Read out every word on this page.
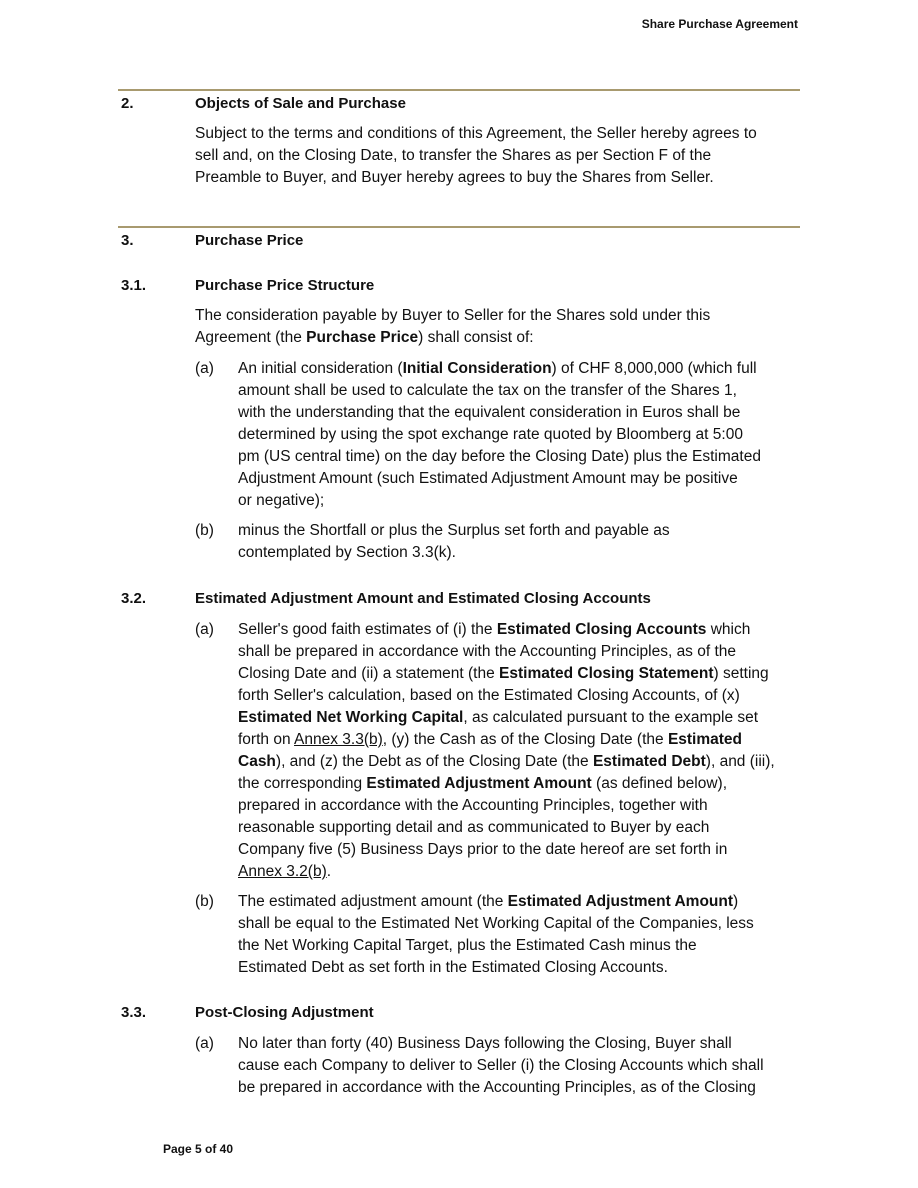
Share Purchase Agreement
2.	Objects of Sale and Purchase
Subject to the terms and conditions of this Agreement, the Seller hereby agrees to
sell and, on the Closing Date, to transfer the Shares as per Section F of the
Preamble to Buyer, and Buyer hereby agrees to buy the Shares from Seller.
3.	Purchase Price
3.1.	Purchase Price Structure
The consideration payable by Buyer to Seller for the Shares sold under this
Agreement (the Purchase Price) shall consist of:
(a) An initial consideration (Initial Consideration) of CHF 8,000,000 (which full
amount shall be used to calculate the tax on the transfer of the Shares 1,
with the understanding that the equivalent consideration in Euros shall be
determined by using the spot exchange rate quoted by Bloomberg at 5:00
pm (US central time) on the day before the Closing Date) plus the Estimated
Adjustment Amount (such Estimated Adjustment Amount may be positive
or negative);
(b) minus the Shortfall or plus the Surplus set forth and payable as
contemplated by Section 3.3(k).
3.2.	Estimated Adjustment Amount and Estimated Closing Accounts
(a) Seller's good faith estimates of (i) the Estimated Closing Accounts which
shall be prepared in accordance with the Accounting Principles, as of the
Closing Date and (ii) a statement (the Estimated Closing Statement) setting
forth Seller's calculation, based on the Estimated Closing Accounts, of (x)
Estimated Net Working Capital, as calculated pursuant to the example set
forth on Annex 3.3(b), (y) the Cash as of the Closing Date (the Estimated
Cash), and (z) the Debt as of the Closing Date (the Estimated Debt), and (iii),
the corresponding Estimated Adjustment Amount (as defined below),
prepared in accordance with the Accounting Principles, together with
reasonable supporting detail and as communicated to Buyer by each
Company five (5) Business Days prior to the date hereof are set forth in
Annex 3.2(b).
(b) The estimated adjustment amount (the Estimated Adjustment Amount)
shall be equal to the Estimated Net Working Capital of the Companies, less
the Net Working Capital Target, plus the Estimated Cash minus the
Estimated Debt as set forth in the Estimated Closing Accounts.
3.3.	Post-Closing Adjustment
(a) No later than forty (40) Business Days following the Closing, Buyer shall
cause each Company to deliver to Seller (i) the Closing Accounts which shall
be prepared in accordance with the Accounting Principles, as of the Closing
Page 5 of 40
